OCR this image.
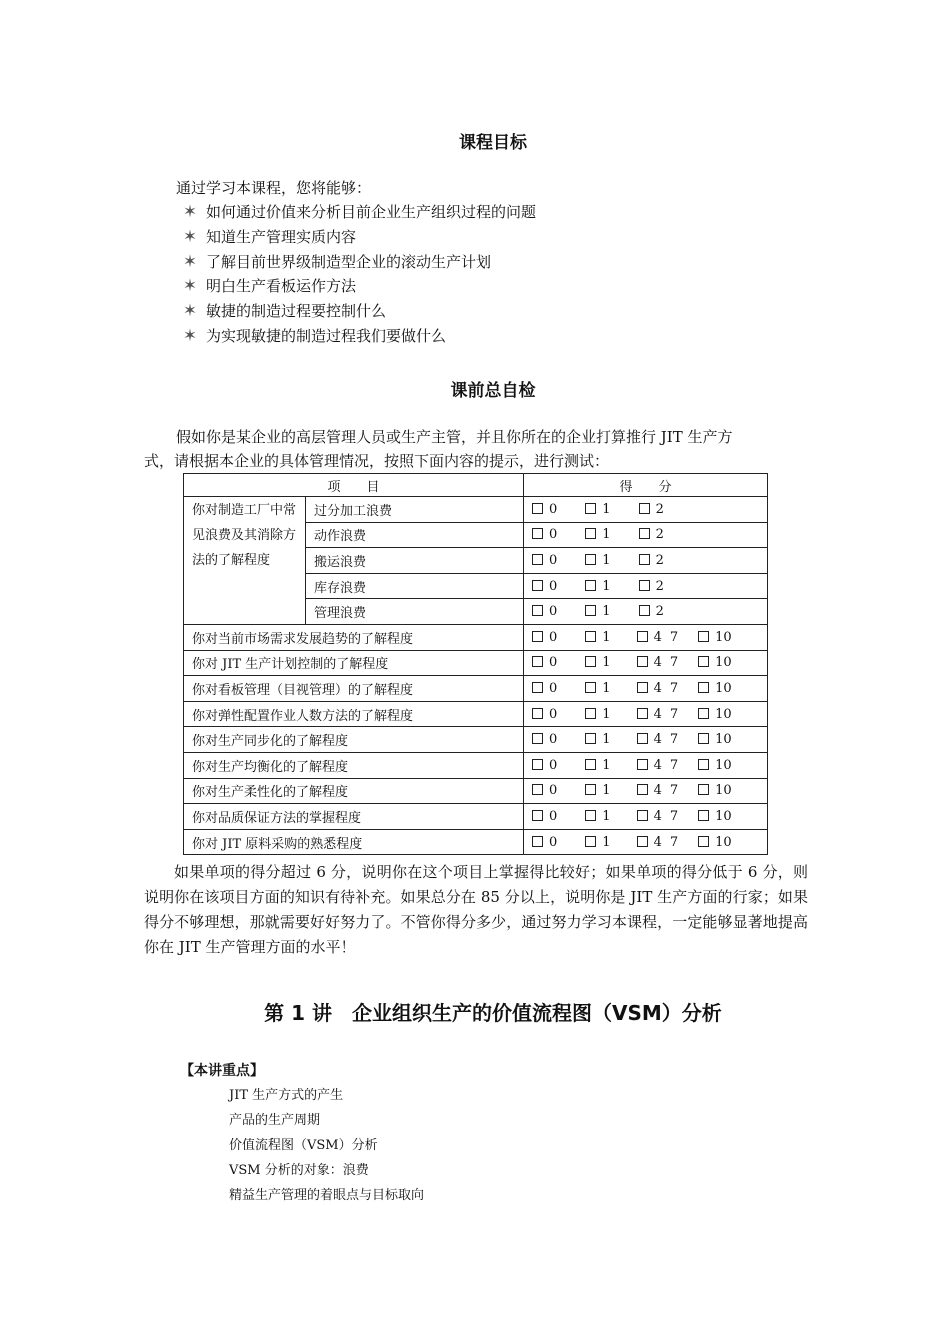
课程目标
通过学习本课程，您将能够：
✶ 如何通过价值来分析目前企业生产组织过程的问题
✶ 知道生产管理实质内容
✶ 了解目前世界级制造型企业的滚动生产计划
✶ 明白生产看板运作方法
✶ 敏捷的制造过程要控制什么
✶ 为实现敏捷的制造过程我们要做什么
课前总自检
假如你是某企业的高层管理人员或生产主管，并且你所在的企业打算推行 JIT 生产方
式，请根据本企业的具体管理情况，按照下面内容的提示，进行测试：
项　　目		得　　分
你对制造工厂中常见浪费及其消除方法的了解程度	过分加工浪费	0 1 2
	动作浪费	0 1 2
	搬运浪费	0 1 2
	库存浪费	0 1 2
	管理浪费	0 1 2
你对当前市场需求发展趋势的了解程度		0 1 4 7 10
你对 JIT 生产计划控制的了解程度		0 1 4 7 10
你对看板管理（目视管理）的了解程度		0 1 4 7 10
你对弹性配置作业人数方法的了解程度		0 1 4 7 10
你对生产同步化的了解程度		0 1 4 7 10
你对生产均衡化的了解程度		0 1 4 7 10
你对生产柔性化的了解程度		0 1 4 7 10
你对品质保证方法的掌握程度		0 1 4 7 10
你对 JIT 原料采购的熟悉程度		0 1 4 7 10
如果单项的得分超过 6 分，说明你在这个项目上掌握得比较好；如果单项的得分低于 6 分，则说明你在该项目方面的知识有待补充。如果总分在 85 分以上，说明你是 JIT 生产方面的行家；如果得分不够理想，那就需要好好努力了。不管你得分多少，通过努力学习本课程，一定能够显著地提高你在 JIT 生产管理方面的水平！
第 1 讲　企业组织生产的价值流程图（VSM）分析
【本讲重点】
JIT 生产方式的产生
产品的生产周期
价值流程图（VSM）分析
VSM 分析的对象：浪费
精益生产管理的着眼点与目标取向
